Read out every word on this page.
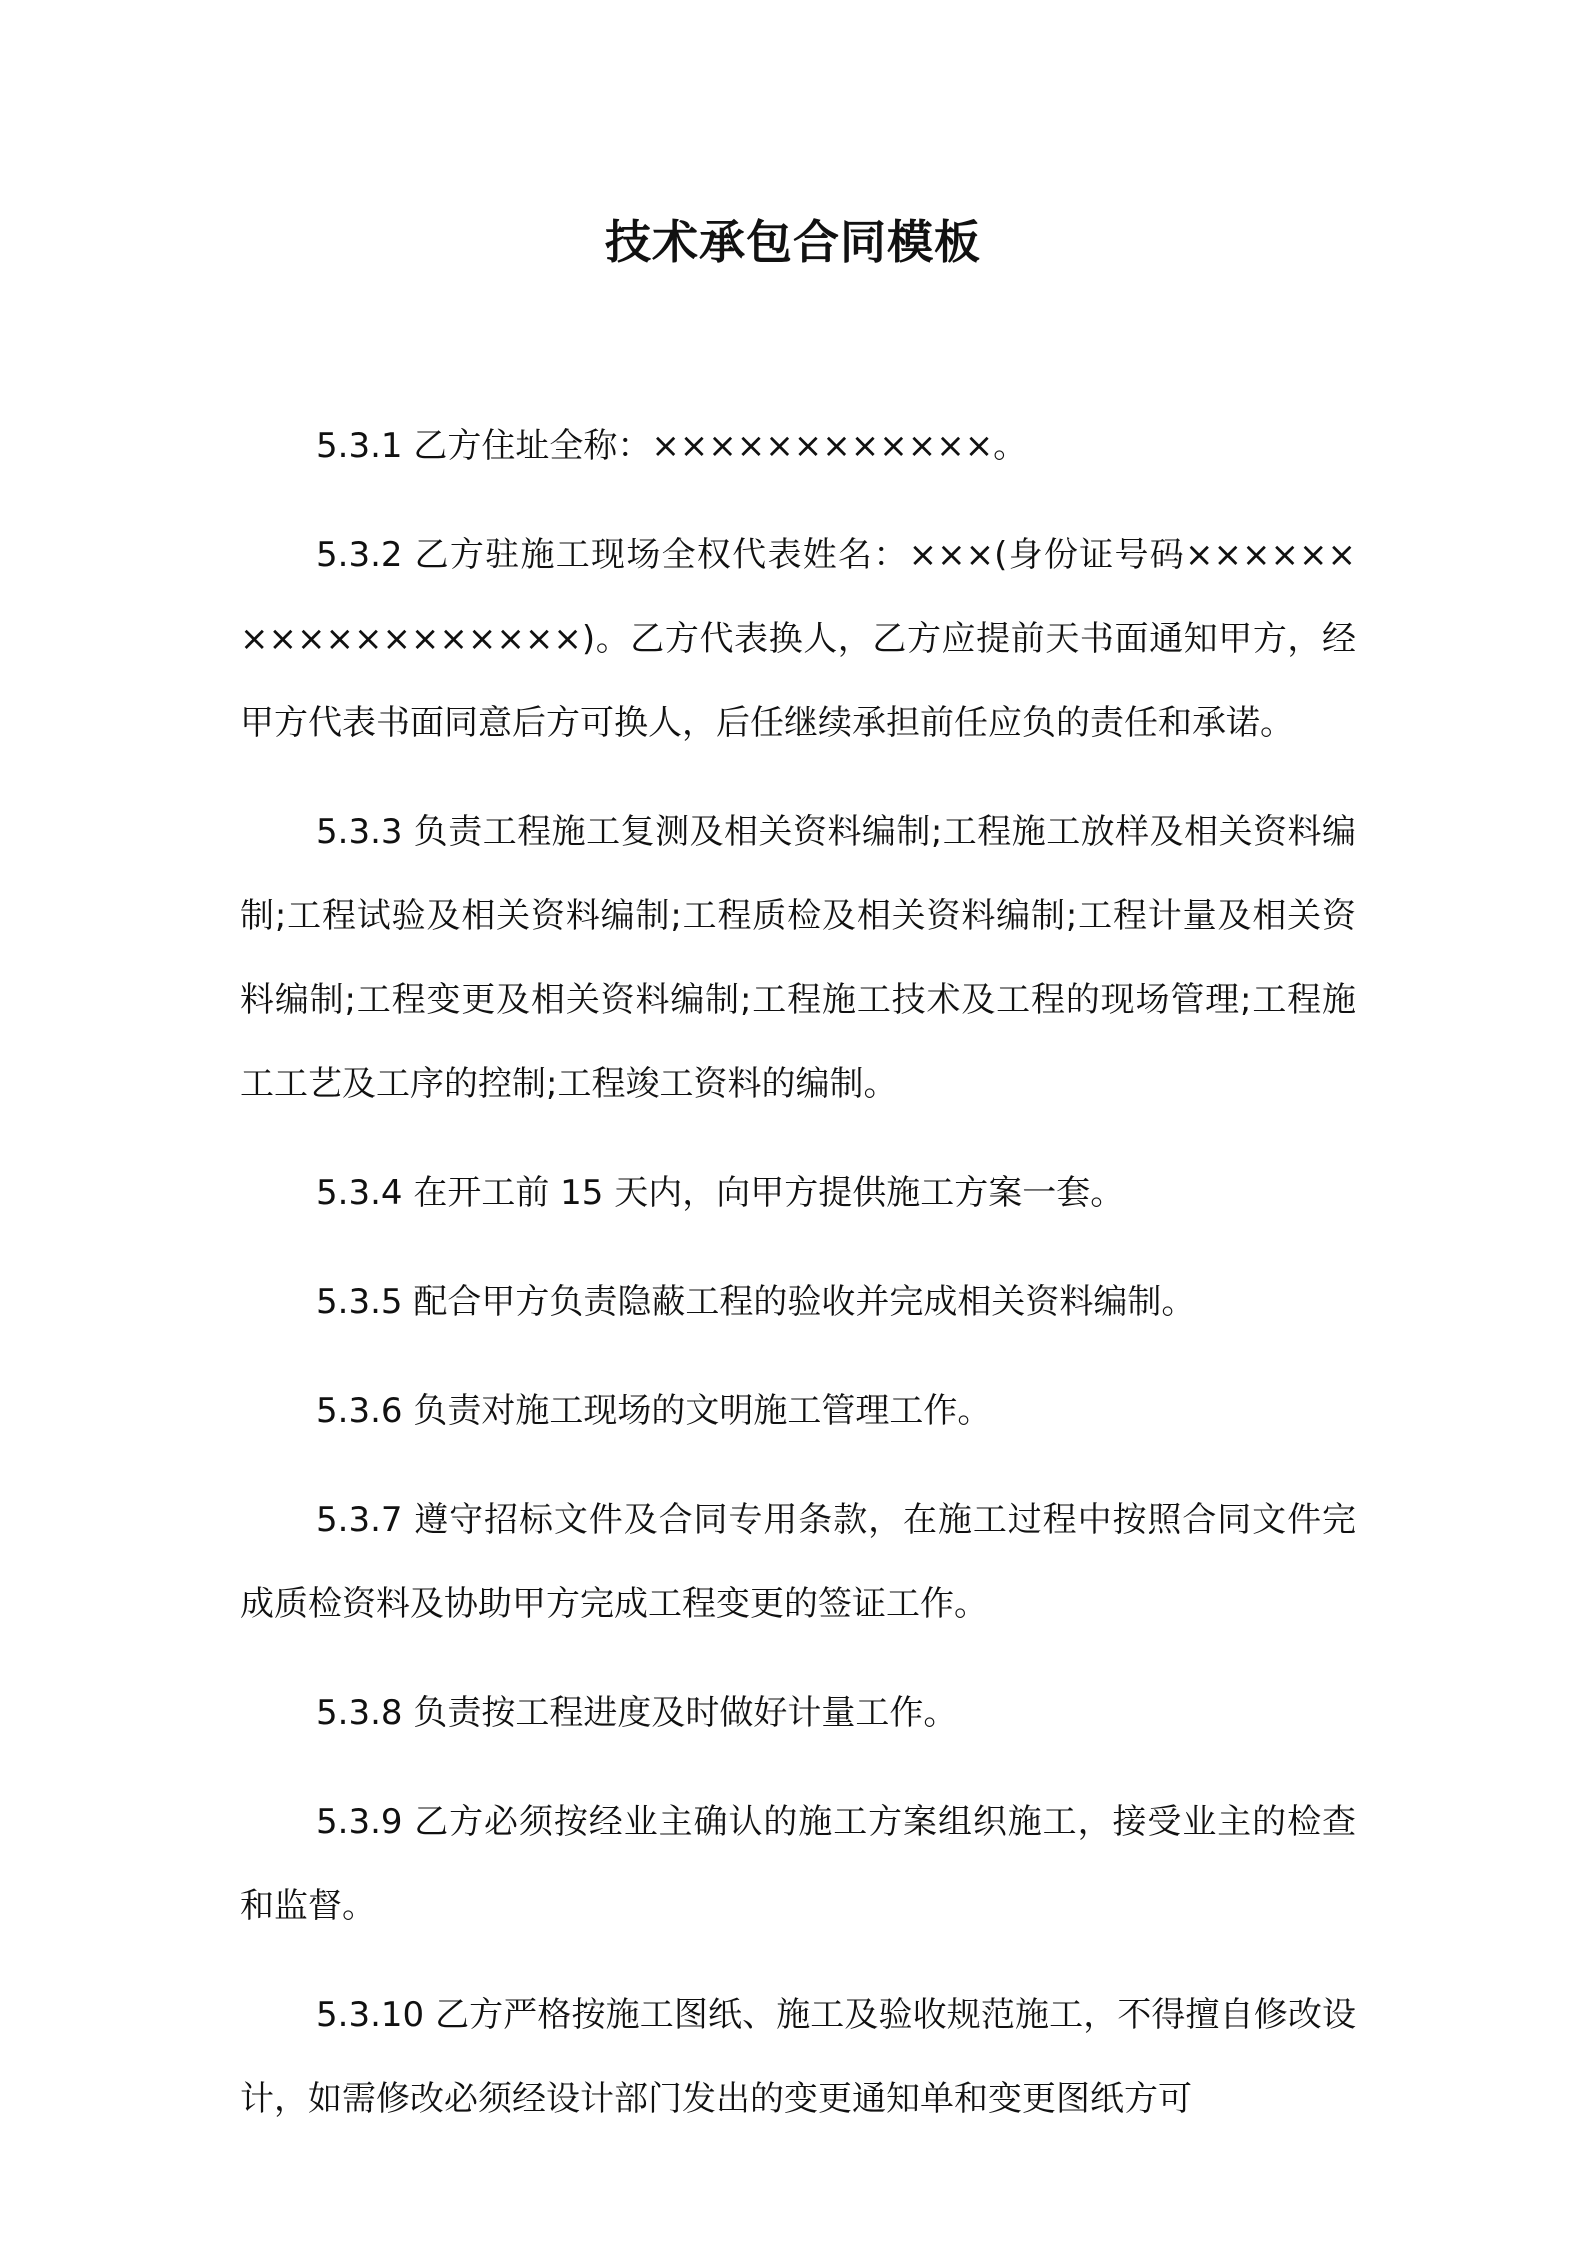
技术承包合同模板

5.3.1 乙方住址全称：××××××××××××。

5.3.2 乙方驻施工现场全权代表姓名：×××(身份证号码××××××××××××××××××)。乙方代表换人，乙方应提前天书面通知甲方，经甲方代表书面同意后方可换人，后任继续承担前任应负的责任和承诺。

5.3.3 负责工程施工复测及相关资料编制;工程施工放样及相关资料编制;工程试验及相关资料编制;工程质检及相关资料编制;工程计量及相关资料编制;工程变更及相关资料编制;工程施工技术及工程的现场管理;工程施工工艺及工序的控制;工程竣工资料的编制。

5.3.4 在开工前 15 天内，向甲方提供施工方案一套。

5.3.5 配合甲方负责隐蔽工程的验收并完成相关资料编制。

5.3.6 负责对施工现场的文明施工管理工作。

5.3.7 遵守招标文件及合同专用条款，在施工过程中按照合同文件完成质检资料及协助甲方完成工程变更的签证工作。

5.3.8 负责按工程进度及时做好计量工作。

5.3.9 乙方必须按经业主确认的施工方案组织施工，接受业主的检查和监督。

5.3.10 乙方严格按施工图纸、施工及验收规范施工，不得擅自修改设计，如需修改必须经设计部门发出的变更通知单和变更图纸方可
